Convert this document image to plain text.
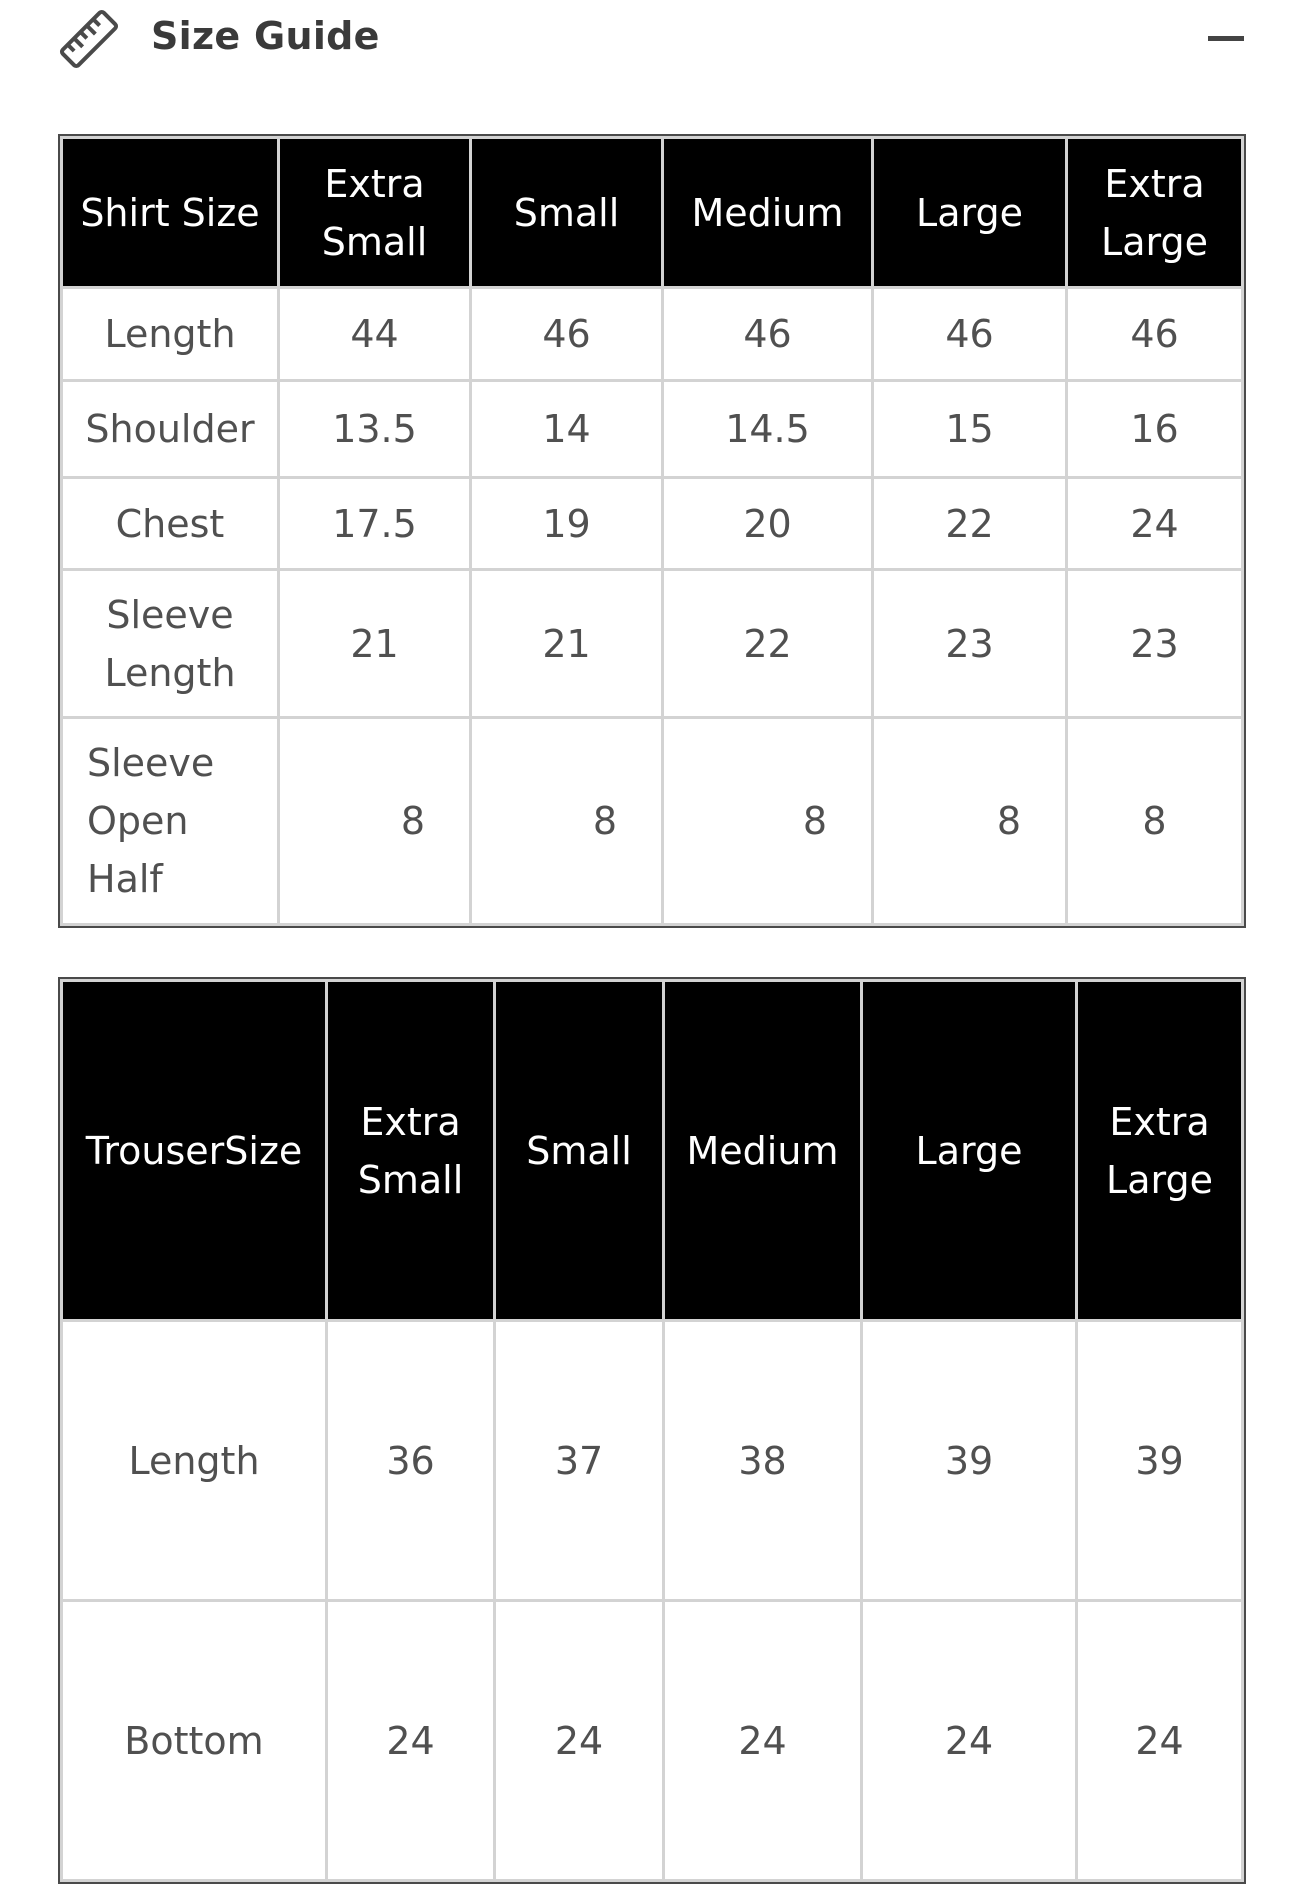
Size Guide
Shirt Size	Extra Small	Small	Medium	Large	Extra Large
Length	44	46	46	46	46
Shoulder	13.5	14	14.5	15	16
Chest	17.5	19	20	22	24
Sleeve Length	21	21	22	23	23
Sleeve Open Half	8	8	8	8	8
TrouserSize	Extra Small	Small	Medium	Large	Extra Large
Length	36	37	38	39	39
Bottom	24	24	24	24	24
